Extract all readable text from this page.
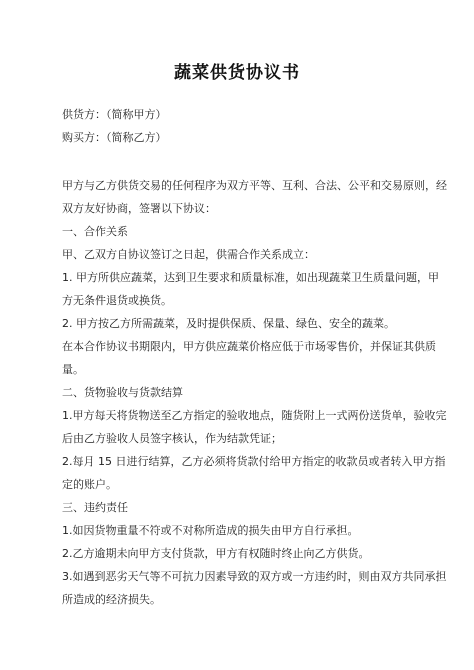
蔬菜供货协议书
供货方：（简称甲方）
购买方：（简称乙方）
甲方与乙方供货交易的任何程序为双方平等、互利、合法、公平和交易原则，经
双方友好协商，签署以下协议：
一、合作关系
甲、乙双方自协议签订之日起，供需合作关系成立：
1. 甲方所供应蔬菜，达到卫生要求和质量标准，如出现蔬菜卫生质量问题，甲
方无条件退货或换货。
2. 甲方按乙方所需蔬菜，及时提供保质、保量、绿色、安全的蔬菜。
在本合作协议书期限内，甲方供应蔬菜价格应低于市场零售价，并保证其供质
量。
二、货物验收与货款结算
1.甲方每天将货物送至乙方指定的验收地点，随货附上一式两份送货单，验收完
后由乙方验收人员签字核认，作为结款凭证；
2.每月 15 日进行结算，乙方必须将货款付给甲方指定的收款员或者转入甲方指
定的账户。
三、违约责任
1.如因货物重量不符或不对称所造成的损失由甲方自行承担。
2.乙方逾期未向甲方支付货款，甲方有权随时终止向乙方供货。
3.如遇到恶劣天气等不可抗力因素导致的双方或一方违约时，则由双方共同承担
所造成的经济损失。
